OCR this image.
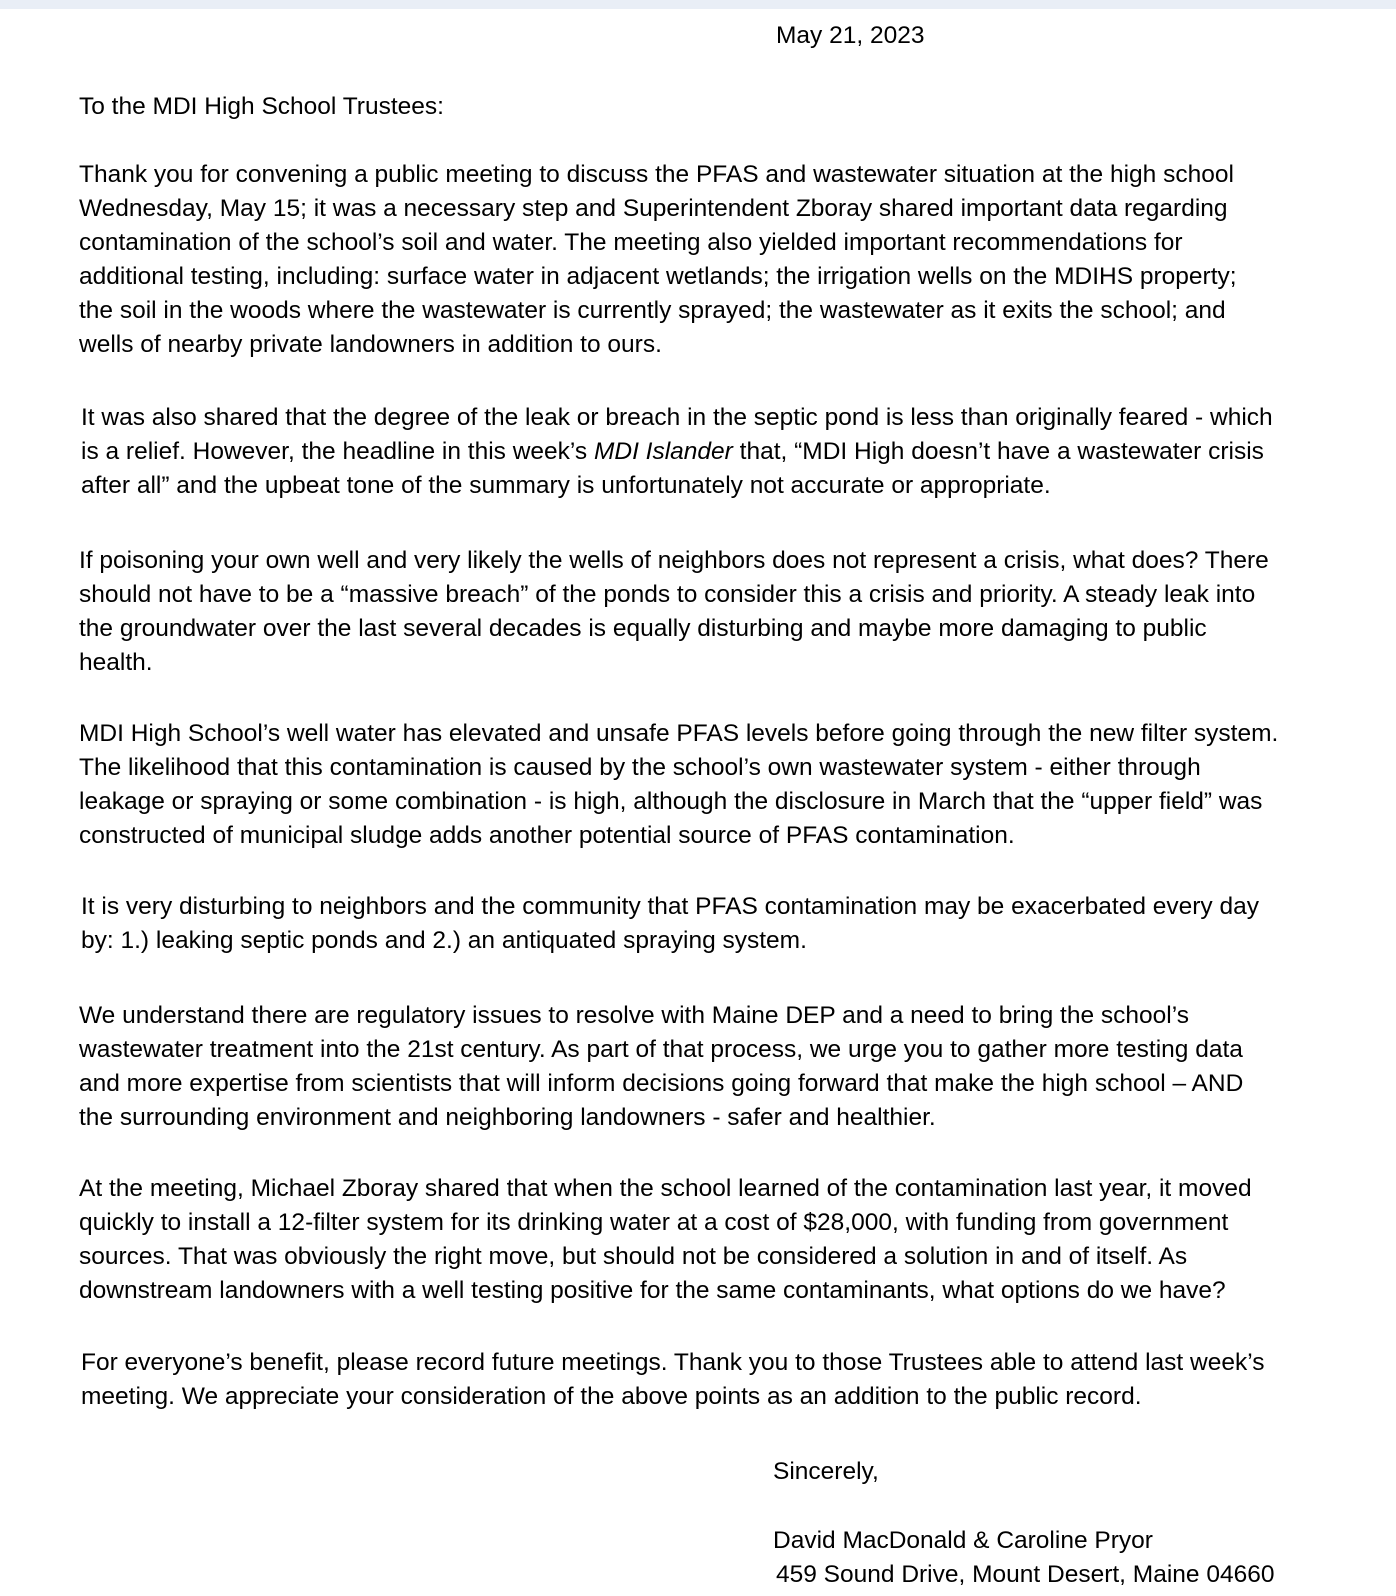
May 21, 2023

To the MDI High School Trustees:

Thank you for convening a public meeting to discuss the PFAS and wastewater situation at the high school
Wednesday, May 15; it was a necessary step and Superintendent Zboray shared important data regarding
contamination of the school’s soil and water. The meeting also yielded important recommendations for
additional testing, including: surface water in adjacent wetlands; the irrigation wells on the MDIHS property;
the soil in the woods where the wastewater is currently sprayed; the wastewater as it exits the school; and
wells of nearby private landowners in addition to ours.

It was also shared that the degree of the leak or breach in the septic pond is less than originally feared - which
is a relief. However, the headline in this week’s MDI Islander that, “MDI High doesn’t have a wastewater crisis
after all” and the upbeat tone of the summary is unfortunately not accurate or appropriate.

If poisoning your own well and very likely the wells of neighbors does not represent a crisis, what does? There
should not have to be a “massive breach” of the ponds to consider this a crisis and priority. A steady leak into
the groundwater over the last several decades is equally disturbing and maybe more damaging to public
health.

MDI High School’s well water has elevated and unsafe PFAS levels before going through the new filter system.
The likelihood that this contamination is caused by the school’s own wastewater system - either through
leakage or spraying or some combination - is high, although the disclosure in March that the “upper field” was
constructed of municipal sludge adds another potential source of PFAS contamination.

It is very disturbing to neighbors and the community that PFAS contamination may be exacerbated every day
by: 1.) leaking septic ponds and 2.) an antiquated spraying system.

We understand there are regulatory issues to resolve with Maine DEP and a need to bring the school’s
wastewater treatment into the 21st century. As part of that process, we urge you to gather more testing data
and more expertise from scientists that will inform decisions going forward that make the high school – AND
the surrounding environment and neighboring landowners - safer and healthier.

At the meeting, Michael Zboray shared that when the school learned of the contamination last year, it moved
quickly to install a 12-filter system for its drinking water at a cost of $28,000, with funding from government
sources. That was obviously the right move, but should not be considered a solution in and of itself. As
downstream landowners with a well testing positive for the same contaminants, what options do we have?

For everyone’s benefit, please record future meetings. Thank you to those Trustees able to attend last week’s
meeting. We appreciate your consideration of the above points as an addition to the public record.

Sincerely,

David MacDonald & Caroline Pryor

459 Sound Drive, Mount Desert, Maine 04660
